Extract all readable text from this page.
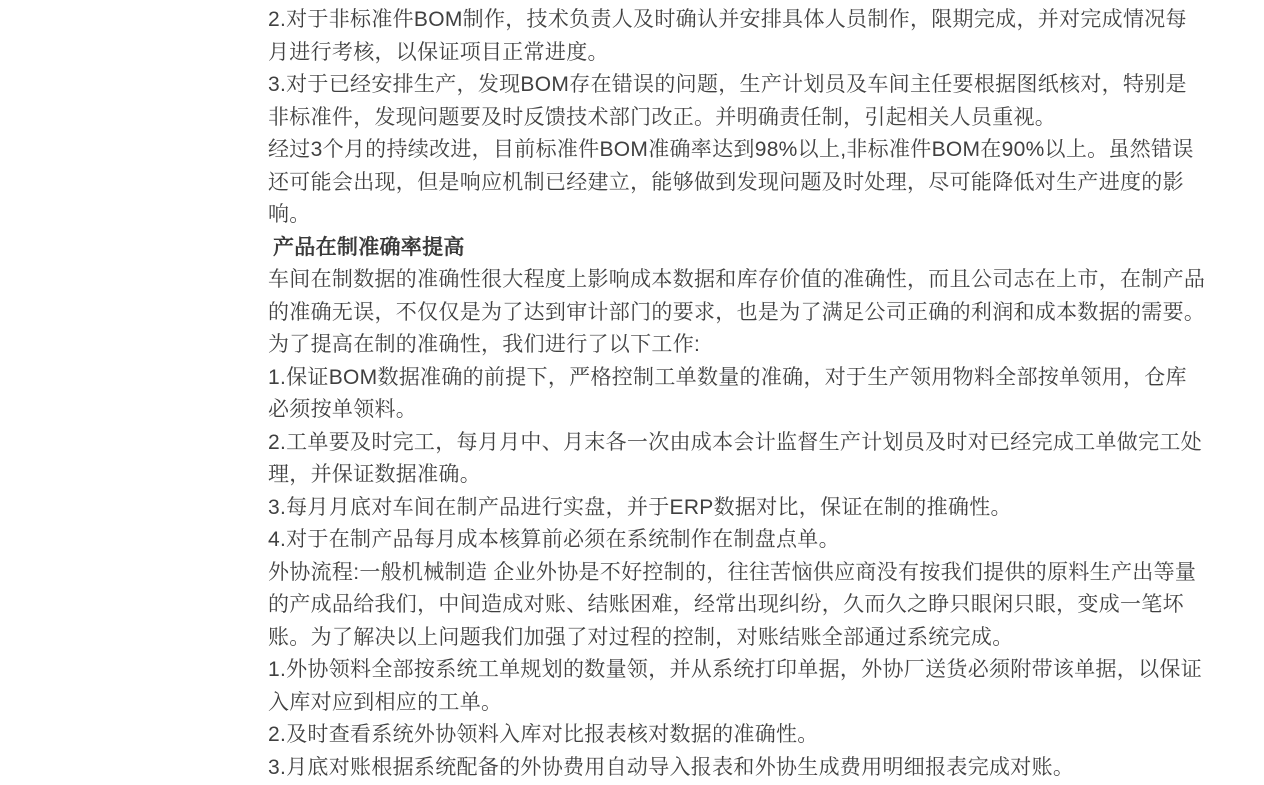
2.对于非标准件BOM制作，技术负责人及时确认并安排具体人员制作，限期完成，并对完成情况每月进行考核，以保证项目正常进度。

3.对于已经安排生产，发现BOM存在错误的问题，生产计划员及车间主任要根据图纸核对，特别是非标准件，发现问题要及时反馈技术部门改正。并明确责任制，引起相关人员重视。

经过3个月的持续改进，目前标准件BOM准确率达到98%以上,非标准件BOM在90%以上。虽然错误还可能会出现，但是响应机制已经建立，能够做到发现问题及时处理，尽可能降低对生产进度的影响。

产品在制准确率提高

车间在制数据的准确性很大程度上影响成本数据和库存价值的准确性，而且公司志在上市，在制产品的准确无误，不仅仅是为了达到审计部门的要求，也是为了满足公司正确的利润和成本数据的需要。为了提高在制的准确性，我们进行了以下工作:

1.保证BOM数据准确的前提下，严格控制工单数量的准确，对于生产领用物料全部按单领用，仓库必须按单领料。

2.工单要及时完工，每月月中、月末各一次由成本会计监督生产计划员及时对已经完成工单做完工处理，并保证数据准确。

3.每月月底对车间在制产品进行实盘，并于ERP数据对比，保证在制的推确性。

4.对于在制产品每月成本核算前必须在系统制作在制盘点单。

外协流程:一般机械制造 企业外协是不好控制的，往往苦恼供应商没有按我们提供的原料生产出等量的产成品给我们，中间造成对账、结账困难，经常出现纠纷，久而久之睁只眼闲只眼，变成一笔坏账。为了解决以上问题我们加强了对过程的控制，对账结账全部通过系统完成。

1.外协领料全部按系统工单规划的数量领，并从系统打印单据，外协厂送货必须附带该单据，以保证入库对应到相应的工单。

2.及时查看系统外协领料入库对比报表核对数据的准确性。

3.月底对账根据系统配备的外协费用自动导入报表和外协生成费用明细报表完成对账。
